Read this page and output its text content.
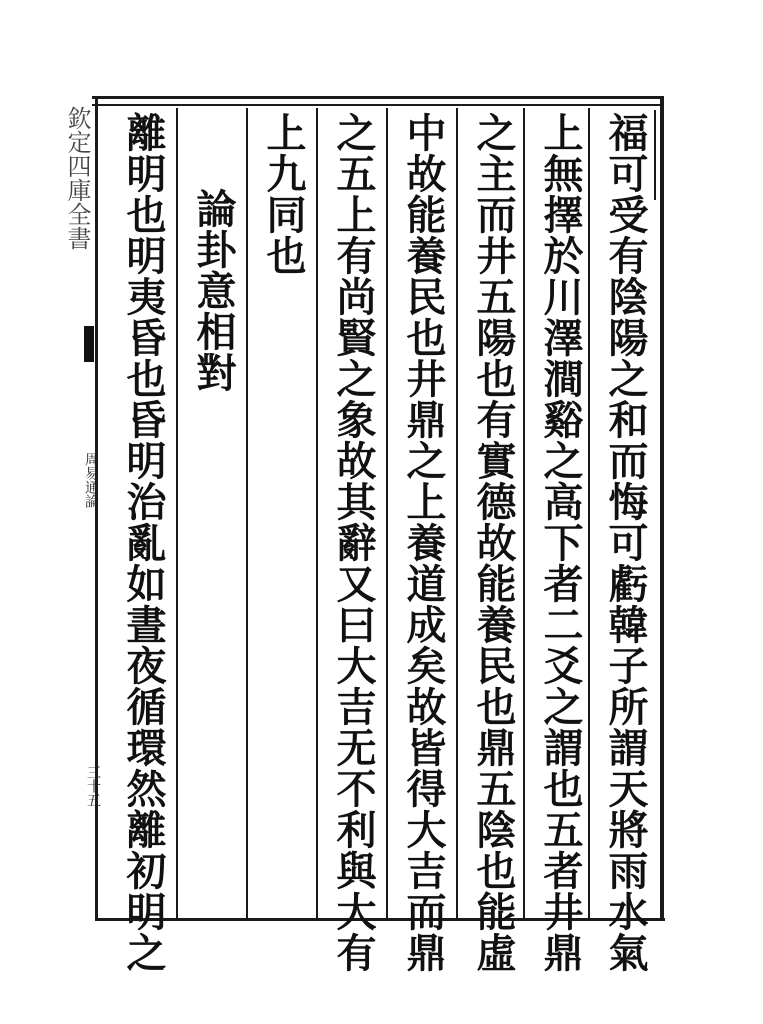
福可受有陰陽之和而悔可虧韓子所謂天將雨水氣
上無擇於川澤澗谿之高下者二爻之謂也五者井鼎
之主而井五陽也有實德故能養民也鼎五陰也能虛
中故能養民也井鼎之上養道成矣故皆得大吉而鼎
之五上有尚賢之象故其辭又曰大吉无不利與大有
上九同也
論卦意相對
離明也明夷昏也昏明治亂如晝夜循環然離初明之
欽定四庫全書
周易通論
三十五
